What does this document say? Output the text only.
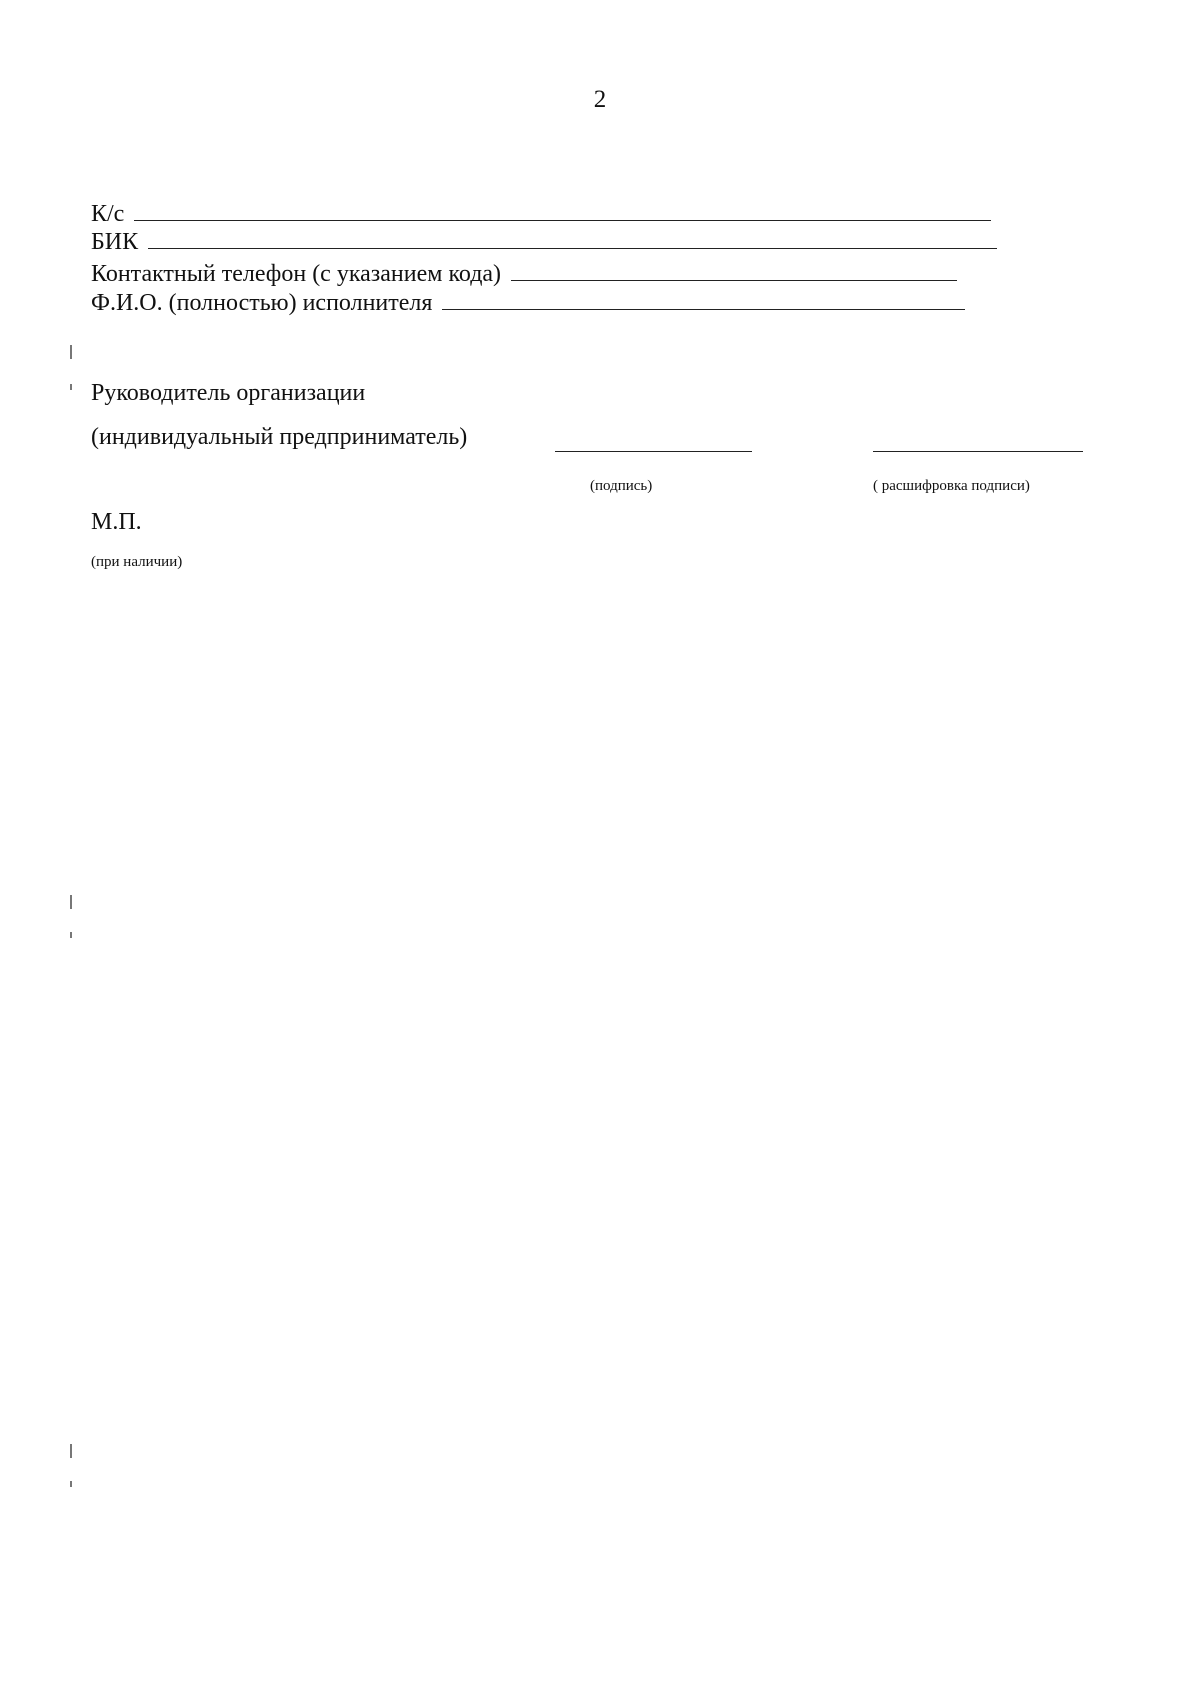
2
К/с
БИК
Контактный телефон (с указанием кода)
Ф.И.О. (полностью) исполнителя
Руководитель организации
(индивидуальный предприниматель)
(подпись)	( расшифровка подписи)
М.П.
(при наличии)
